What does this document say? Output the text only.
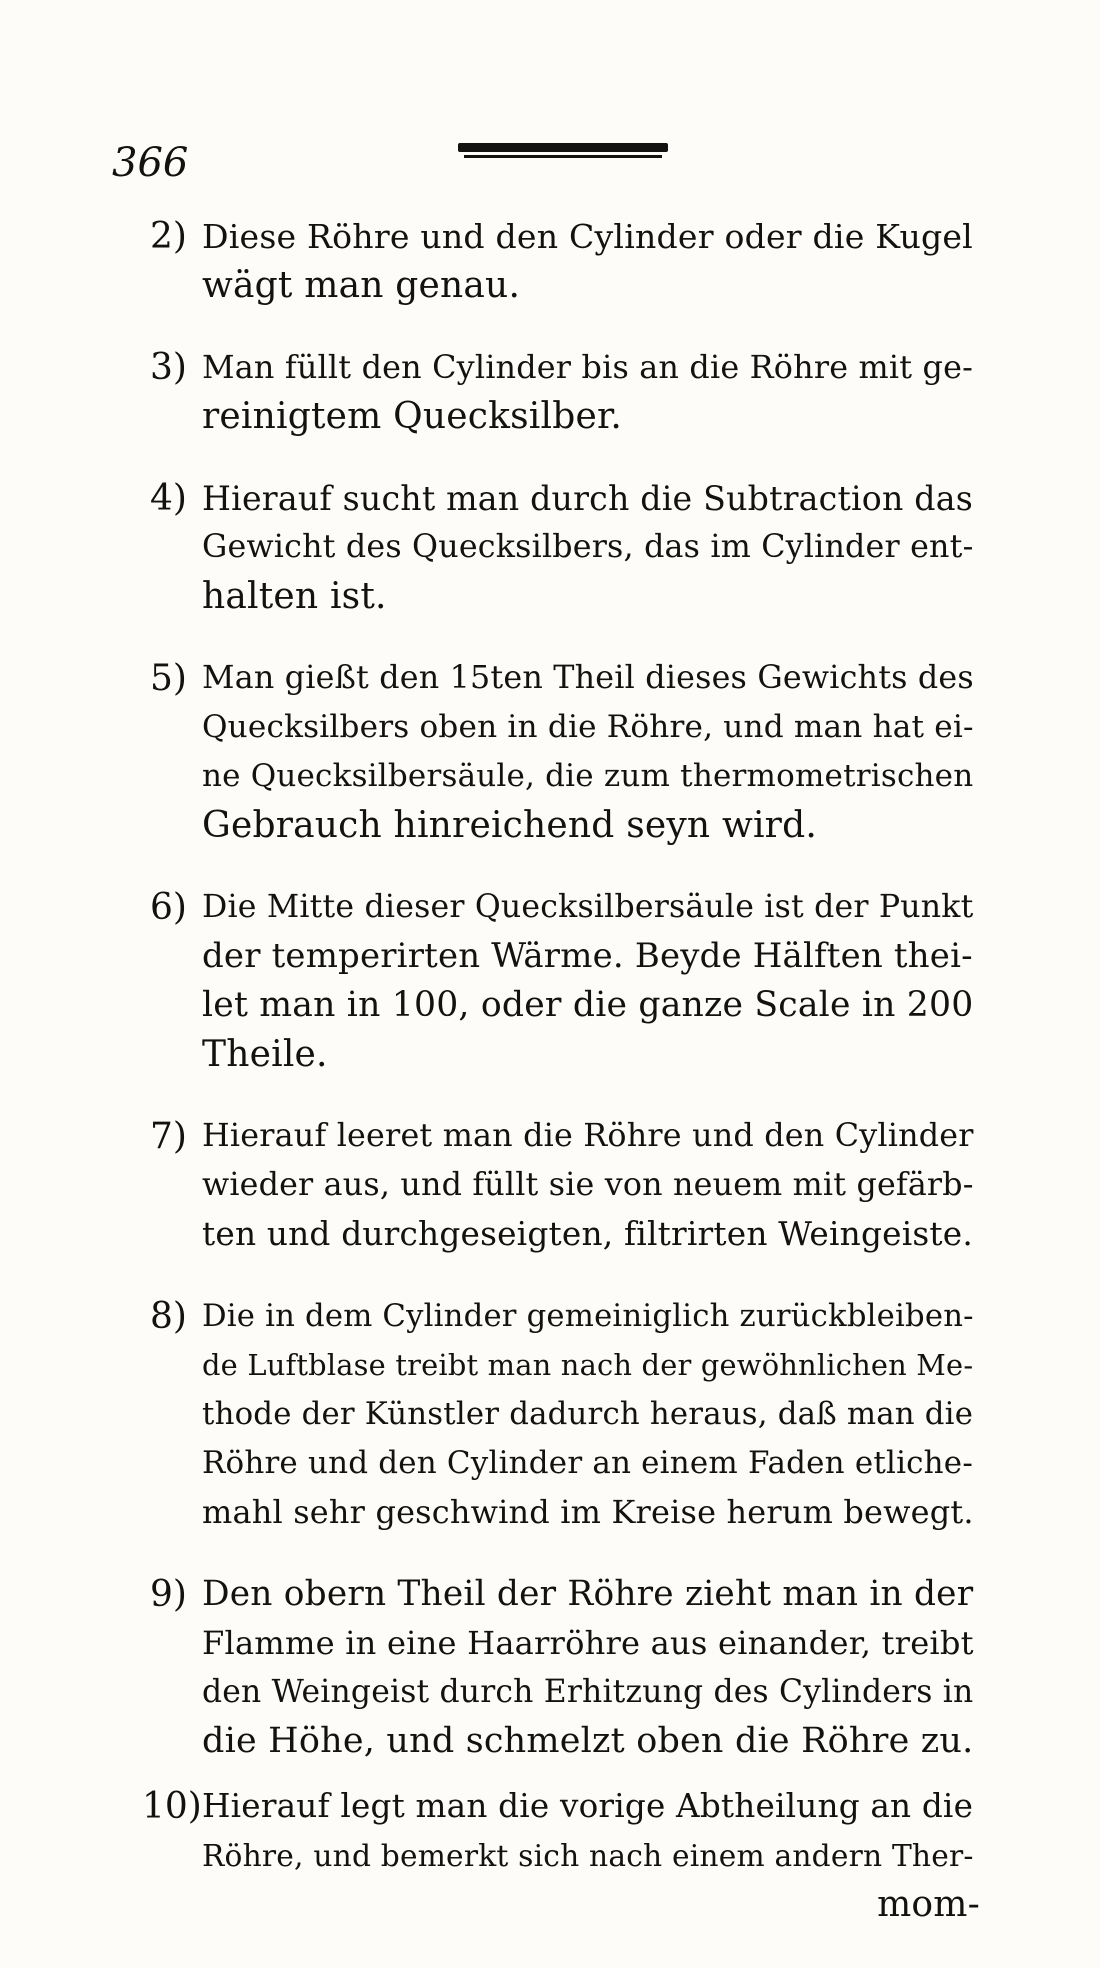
366
2) Diese Röhre und den Cylinder oder die Kugel
wägt man genau.
3) Man füllt den Cylinder bis an die Röhre mit ge-
reinigtem Quecksilber.
4) Hierauf sucht man durch die Subtraction das
Gewicht des Quecksilbers, das im Cylinder ent-
halten ist.
5) Man gießt den 15ten Theil dieses Gewichts des
Quecksilbers oben in die Röhre, und man hat ei-
ne Quecksilbersäule, die zum thermometrischen
Gebrauch hinreichend seyn wird.
6) Die Mitte dieser Quecksilbersäule ist der Punkt
der temperirten Wärme. Beyde Hälften thei-
let man in 100, oder die ganze Scale in 200
Theile.
7) Hierauf leeret man die Röhre und den Cylinder
wieder aus, und füllt sie von neuem mit gefärb-
ten und durchgeseigten, filtrirten Weingeiste.
8) Die in dem Cylinder gemeiniglich zurückbleiben-
de Luftblase treibt man nach der gewöhnlichen Me-
thode der Künstler dadurch heraus, daß man die
Röhre und den Cylinder an einem Faden etliche-
mahl sehr geschwind im Kreise herum bewegt.
9) Den obern Theil der Röhre zieht man in der
Flamme in eine Haarröhre aus einander, treibt
den Weingeist durch Erhitzung des Cylinders in
die Höhe, und schmelzt oben die Röhre zu.
10) Hierauf legt man die vorige Abtheilung an die
Röhre, und bemerkt sich nach einem andern Ther-
mom-
